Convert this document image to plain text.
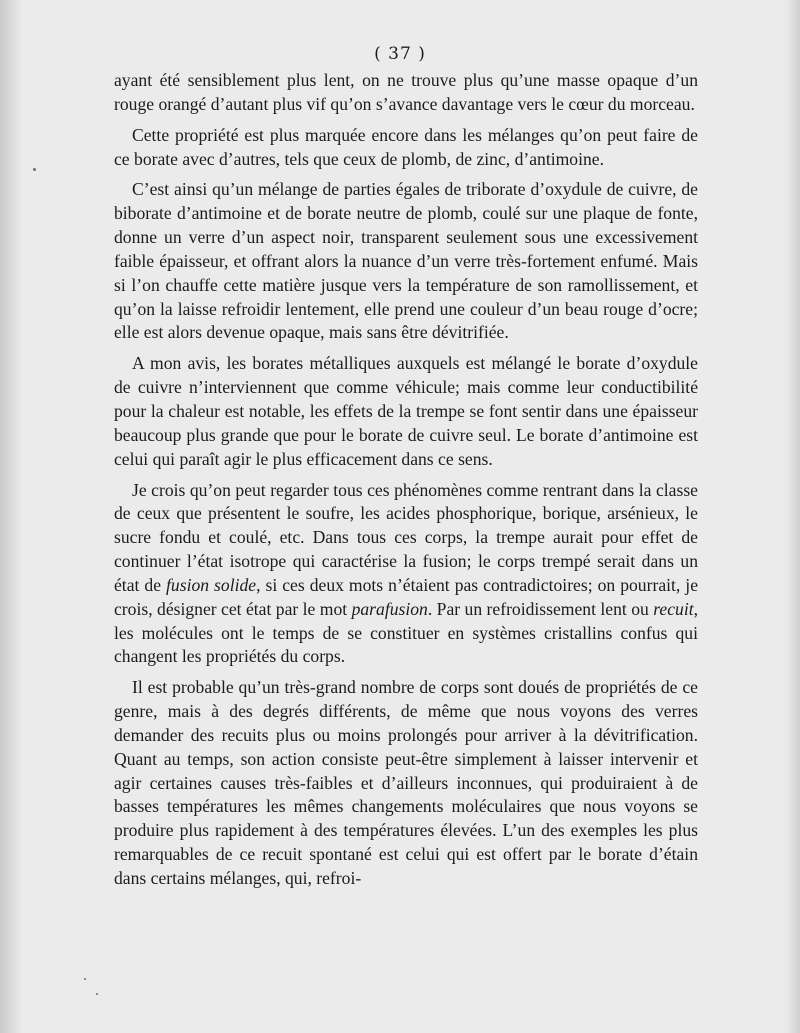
( 37 )

ayant été sensiblement plus lent, on ne trouve plus qu’une masse opaque d’un rouge orangé d’autant plus vif qu’on s’avance davantage vers le cœur du morceau.

Cette propriété est plus marquée encore dans les mélanges qu’on peut faire de ce borate avec d’autres, tels que ceux de plomb, de zinc, d’antimoine.

C’est ainsi qu’un mélange de parties égales de triborate d’oxydule de cuivre, de biborate d’antimoine et de borate neutre de plomb, coulé sur une plaque de fonte, donne un verre d’un aspect noir, transparent seulement sous une excessivement faible épaisseur, et offrant alors la nuance d’un verre très-fortement enfumé. Mais si l’on chauffe cette matière jusque vers la température de son ramollissement, et qu’on la laisse refroidir lentement, elle prend une couleur d’un beau rouge d’ocre; elle est alors devenue opaque, mais sans être dévitrifiée.

A mon avis, les borates métalliques auxquels est mélangé le borate d’oxydule de cuivre n’interviennent que comme véhicule; mais comme leur conductibilité pour la chaleur est notable, les effets de la trempe se font sentir dans une épaisseur beaucoup plus grande que pour le borate de cuivre seul. Le borate d’antimoine est celui qui paraît agir le plus efficacement dans ce sens.

Je crois qu’on peut regarder tous ces phénomènes comme rentrant dans la classe de ceux que présentent le soufre, les acides phosphorique, borique, arsénieux, le sucre fondu et coulé, etc. Dans tous ces corps, la trempe aurait pour effet de continuer l’état isotrope qui caractérise la fusion; le corps trempé serait dans un état de fusion solide, si ces deux mots n’étaient pas contradictoires; on pourrait, je crois, désigner cet état par le mot parafusion. Par un refroidissement lent ou recuit, les molécules ont le temps de se constituer en systèmes cristallins confus qui changent les propriétés du corps.

Il est probable qu’un très-grand nombre de corps sont doués de propriétés de ce genre, mais à des degrés différents, de même que nous voyons des verres demander des recuits plus ou moins prolongés pour arriver à la dévitrification. Quant au temps, son action consiste peut-être simplement à laisser intervenir et agir certaines causes très-faibles et d’ailleurs inconnues, qui produiraient à de basses températures les mêmes changements moléculaires que nous voyons se produire plus rapidement à des températures élevées. L’un des exemples les plus remarquables de ce recuit spontané est celui qui est offert par le borate d’étain dans certains mélanges, qui, refroi-
